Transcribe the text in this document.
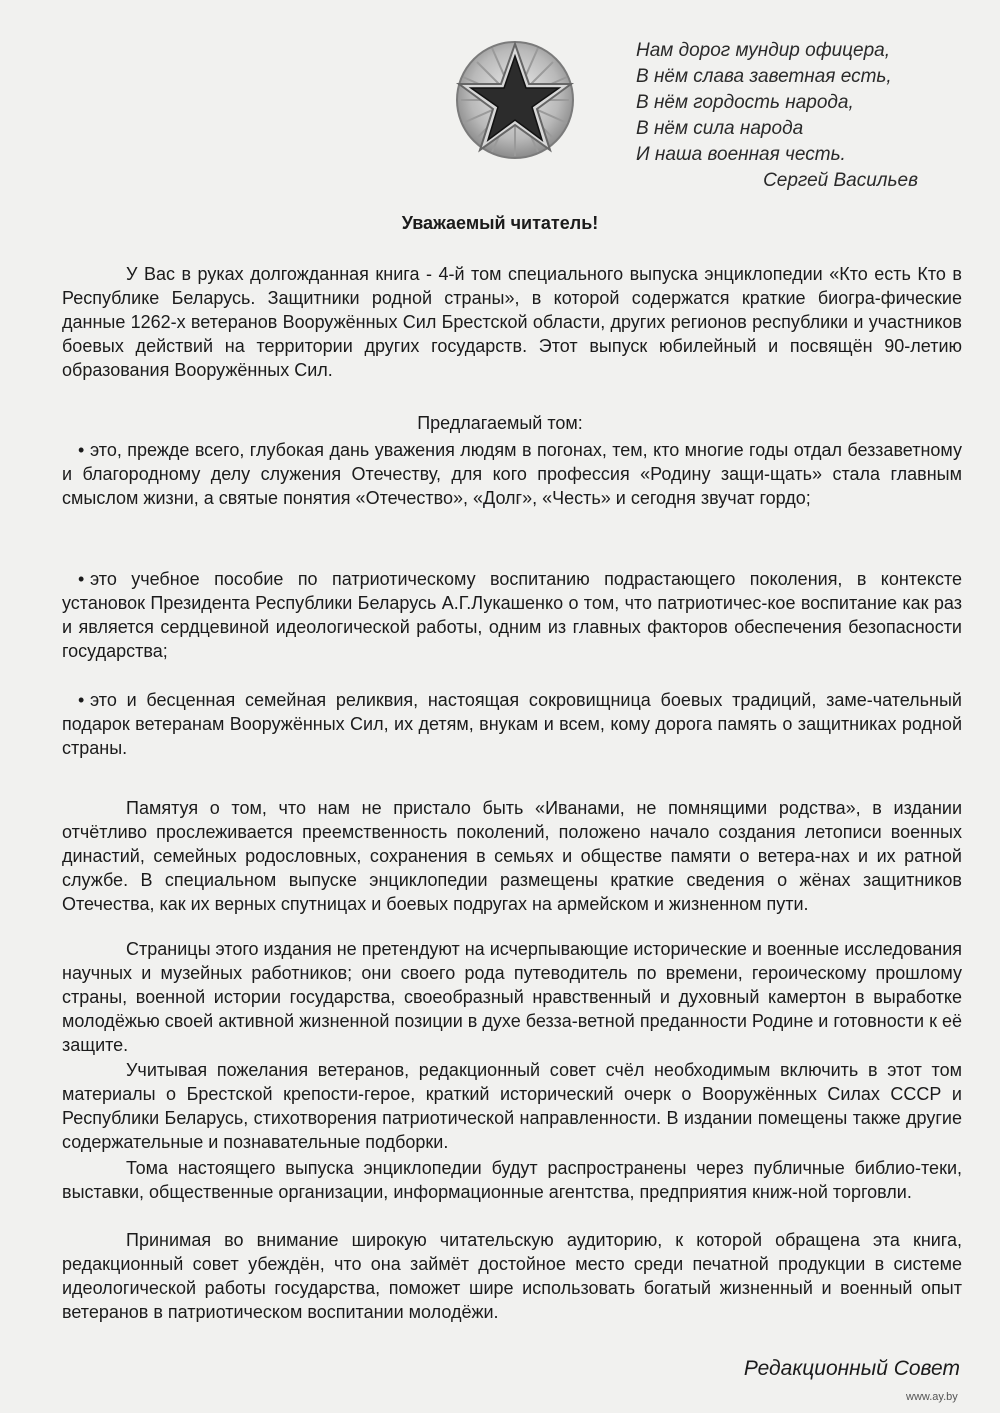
Нам дорог мундир офицера,
В нём слава заветная есть,
В нём гордость народа,
В нём сила народа
И наша военная честь.
Сергей Васильев
Уважаемый читатель!
У Вас в руках долгожданная книга - 4-й том специального выпуска энциклопедии «Кто есть Кто в Республике Беларусь. Защитники родной страны», в которой содержатся краткие биогра-фические данные 1262-х ветеранов Вооружённых Сил Брестской области, других регионов республики и участников боевых действий на территории других государств. Этот выпуск юбилейный и посвящён 90-летию образования Вооружённых Сил.
Предлагаемый том:
• это, прежде всего, глубокая дань уважения людям в погонах, тем, кто многие годы отдал беззаветному и благородному делу служения Отечеству, для кого профессия «Родину защи-щать» стала главным смыслом жизни, а святые понятия «Отечество», «Долг», «Честь» и сегодня звучат гордо;
• это учебное пособие по патриотическому воспитанию подрастающего поколения, в контексте установок Президента Республики Беларусь А.Г.Лукашенко о том, что патриотичес-кое воспитание как раз и является сердцевиной идеологической работы, одним из главных факторов обеспечения безопасности государства;
• это и бесценная семейная реликвия, настоящая сокровищница боевых традиций, заме-чательный подарок ветеранам Вооружённых Сил, их детям, внукам и всем, кому дорога память о защитниках родной страны.
Памятуя о том, что нам не пристало быть «Иванами, не помнящими родства», в издании отчётливо прослеживается преемственность поколений, положено начало создания летописи военных династий, семейных родословных, сохранения в семьях и обществе памяти о ветера-нах и их ратной службе. В специальном выпуске энциклопедии размещены краткие сведения о жёнах защитников Отечества, как их верных спутницах и боевых подругах на армейском и жизненном пути.
Страницы этого издания не претендуют на исчерпывающие исторические и военные исследования научных и музейных работников; они своего рода путеводитель по времени, героическому прошлому страны, военной истории государства, своеобразный нравственный и духовный камертон в выработке молодёжью своей активной жизненной позиции в духе безза-ветной преданности Родине и готовности к её защите.
Учитывая пожелания ветеранов, редакционный совет счёл необходимым включить в этот том материалы о Брестской крепости-герое, краткий исторический очерк о Вооружённых Силах СССР и Республики Беларусь, стихотворения патриотической направленности. В издании помещены также другие содержательные и познавательные подборки.
Тома настоящего выпуска энциклопедии будут распространены через публичные библио-теки, выставки, общественные организации, информационные агентства, предприятия книж-ной торговли.
Принимая во внимание широкую читательскую аудиторию, к которой обращена эта книга, редакционный совет убеждён, что она займёт достойное место среди печатной продукции в системе идеологической работы государства, поможет шире использовать богатый жизненный и военный опыт ветеранов в патриотическом воспитании молодёжи.
Редакционный Совет
www.ay.by
